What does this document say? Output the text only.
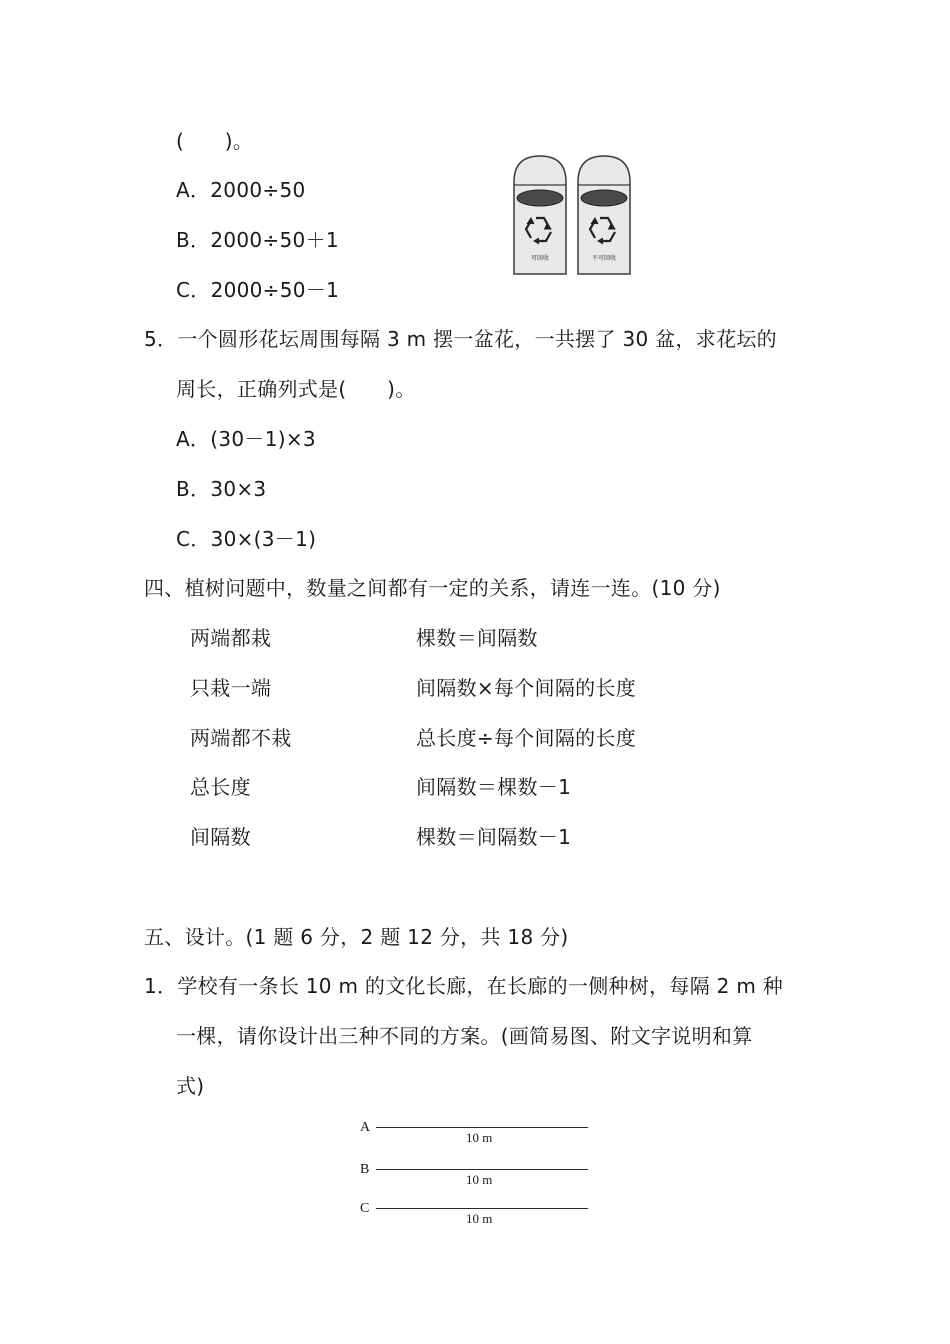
(　　)。
A．2000÷50
B．2000÷50＋1
C．2000÷50－1
可回收	不可回收
5．一个圆形花坛周围每隔 3 m 摆一盆花，一共摆了 30 盆，求花坛的
周长，正确列式是(　　)。
A．(30－1)×3
B．30×3
C．30×(3－1)
四、植树问题中，数量之间都有一定的关系，请连一连。(10 分)
两端都栽
只栽一端
两端都不栽
总长度
间隔数
棵数＝间隔数
间隔数×每个间隔的长度
总长度÷每个间隔的长度
间隔数＝棵数－1
棵数＝间隔数－1
五、设计。(1 题 6 分，2 题 12 分，共 18 分)
1．学校有一条长 10 m 的文化长廊，在长廊的一侧种树，每隔 2 m 种
一棵，请你设计出三种不同的方案。(画简易图、附文字说明和算
式)
A
10 m
B
10 m
C
10 m
